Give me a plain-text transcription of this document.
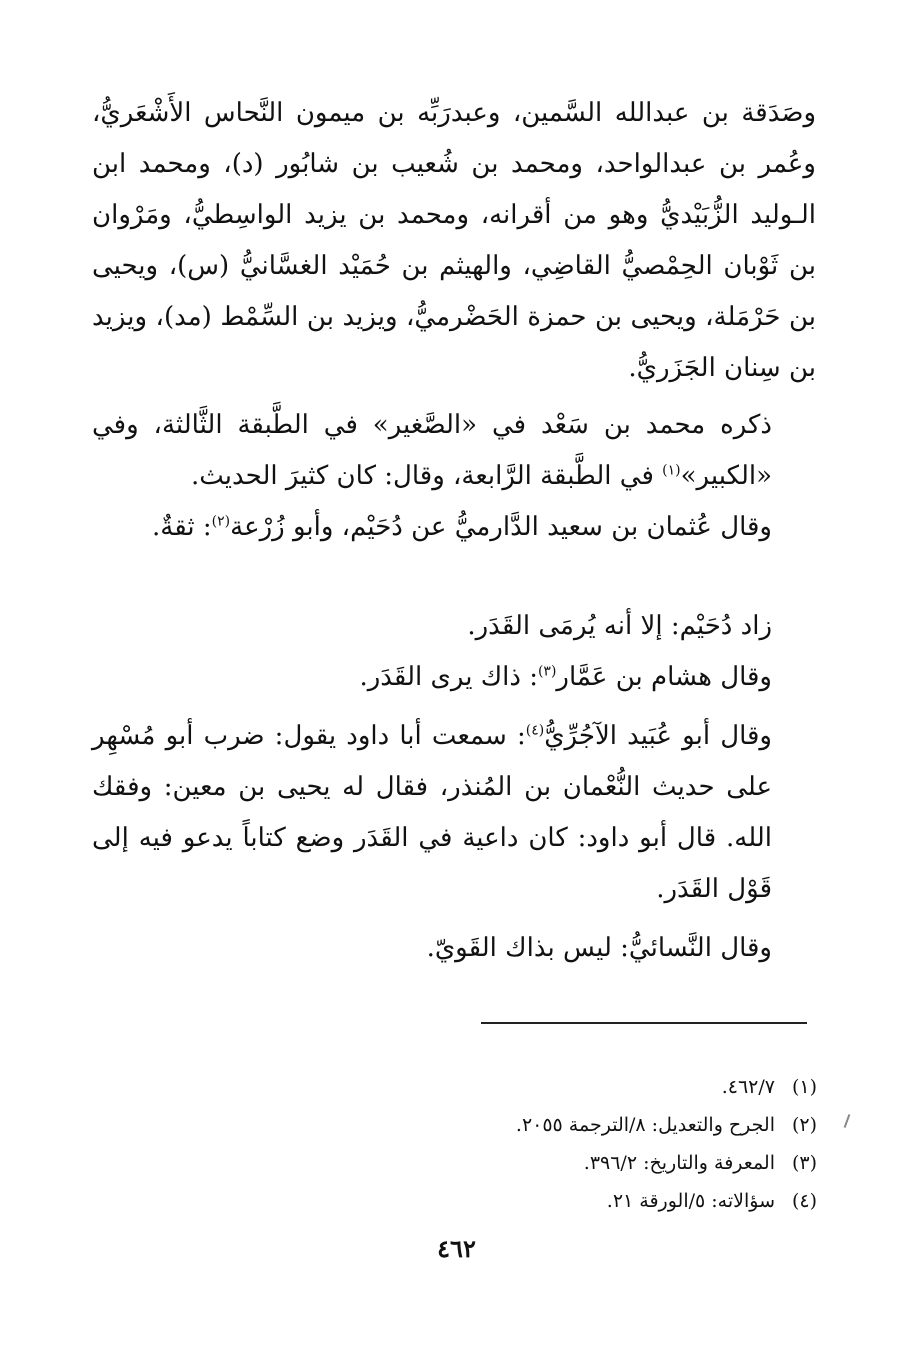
وصَدَقة بن عبدالله السَّمين، وعبدرَبِّه بن ميمون النَّحاس الأَشْعَريُّ، وعُمر بن عبدالواحد، ومحمد بن شُعيب بن شابُور (د)، ومحمد ابن الـوليد الزُّبَيْديُّ وهو من أقرانه، ومحمد بن يزيد الواسِطيُّ، ومَرْوان بن ثَوْبان الحِمْصيُّ القاضِي، والهيثم بن حُمَيْد الغسَّانيُّ (س)، ويحيى بن حَرْمَلة، ويحيى بن حمزة الحَضْرميُّ، ويزيد بن السِّمْط (مد)، ويزيد بن سِنان الجَزَريُّ.

ذكره محمد بن سَعْد في «الصَّغير» في الطَّبقة الثَّالثة، وفي «الكبير»$^{(١)}$ في الطَّبقة الرَّابعة، وقال: كان كثيرَ الحديث.

وقال عُثمان بن سعيد الدَّارميُّ عن دُحَيْم، وأبو زُرْعة$^{(٢)}$: ثقةٌ.

زاد دُحَيْم: إلا أنه يُرمَى القَدَر.

وقال هشام بن عَمَّار$^{(٣)}$: ذاك يرى القَدَر.

وقال أبو عُبَيد الآجُرِّيُّ$^{(٤)}$: سمعت أبا داود يقول: ضرب أبو مُسْهِر على حديث النُّعْمان بن المُنذر، فقال له يحيى بن معين: وفقك الله. قال أبو داود: كان داعية في القَدَر وضع كتاباً يدعو فيه إلى قَوْل القَدَر.

وقال النَّسائيُّ: ليس بذاك القَويّ.

(١)
٤٦٢/٧.
(٢)
الجرح والتعديل: ٨/الترجمة ٢٠٥٥.
(٣)
المعرفة والتاريخ: ٣٩٦/٢.
(٤)
سؤالاته: ٥/الورقة ٢١.
٤٦٢
